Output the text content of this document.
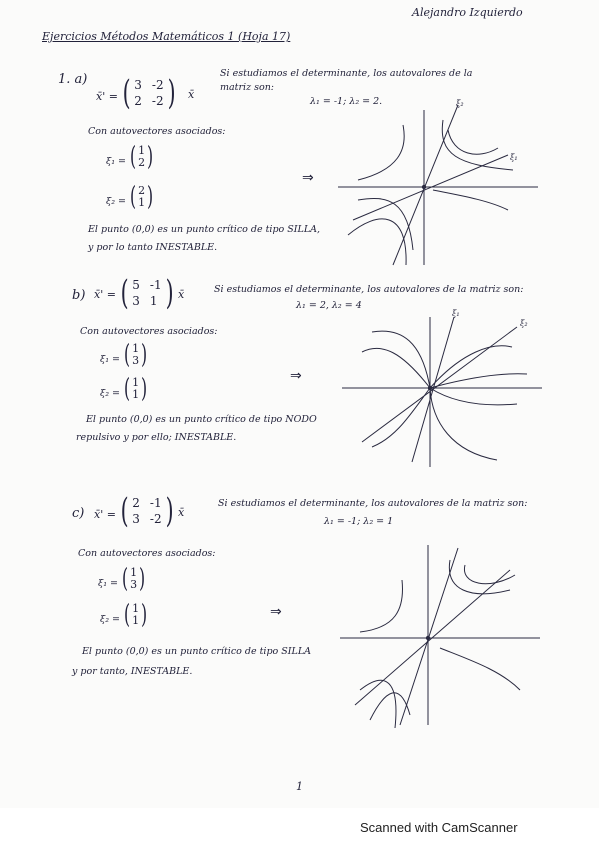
Alejandro Izquierdo
Ejercicios Métodos Matemáticos 1 (Hoja 17)
1. a)
x̄' = ( 3 -2
2 -2 ) x̄
Si estudiamos el determinante, los autovalores de la
matriz son:
λ₁ = -1; λ₂ = 2.
Con autovectores asociados:
ξ₁ = ( 1
2 )
ξ₂ = ( 2
1 )
⇒
El punto (0,0) es un punto crítico de tipo SILLA,
y por lo tanto INESTABLE.
ξ₂
ξ₁
b) x̄' = ( 5 -1
3 1 ) x̄	Si estudiamos el determinante, los autovalores de la matriz son:
λ₁ = 2, λ₂ = 4
Con autovectores asociados:
ξ₁ = ( 1
3 )
ξ₂ = ( 1
1 )	⇒
El punto (0,0) es un punto crítico de tipo NODO
repulsivo y por ello; INESTABLE.
ξ₁
ξ₂
c) x̄' = ( 2 -1
3 -2 ) x̄
Si estudiamos el determinante, los autovalores de la matriz son:
λ₁ = -1; λ₂ = 1
Con autovectores asociados:
ξ₁ = ( 1
3 )
ξ₂ = ( 1
1 )	⇒
El punto (0,0) es un punto crítico de tipo SILLA
y por tanto, INESTABLE.
1
Scanned with CamScanner
